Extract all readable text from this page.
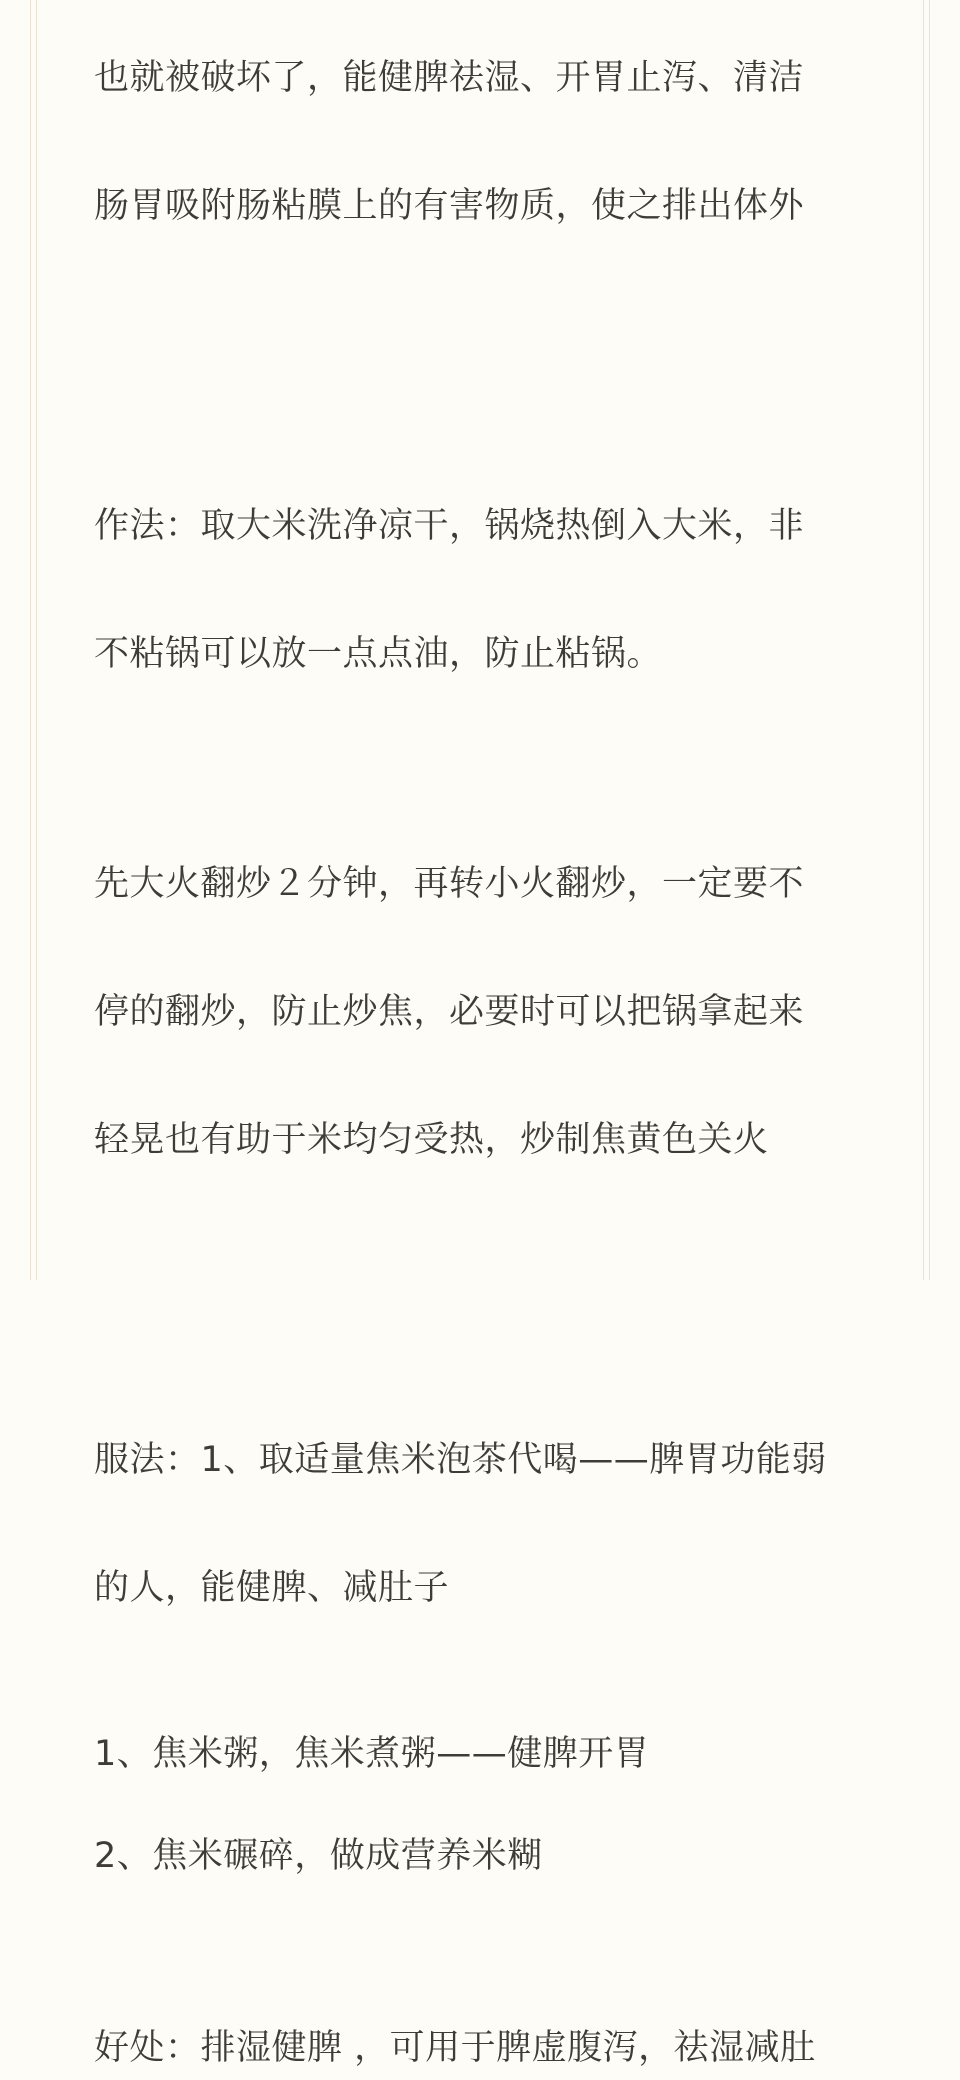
也就被破坏了，能健脾祛湿、开胃止泻、清洁

肠胃吸附肠粘膜上的有害物质，使之排出体外

作法：取大米洗净凉干，锅烧热倒入大米，非

不粘锅可以放一点点油，防止粘锅。

先大火翻炒２分钟，再转小火翻炒，一定要不

停的翻炒，防止炒焦，必要时可以把锅拿起来

轻晃也有助于米均匀受热，炒制焦黄色关火

服法：1、取适量焦米泡茶代喝——脾胃功能弱

的人，能健脾、减肚子

1、焦米粥，焦米煮粥——健脾开胃
2、焦米碾碎，做成营养米糊
好处：排湿健脾 ，可用于脾虚腹泻，祛湿减肚
